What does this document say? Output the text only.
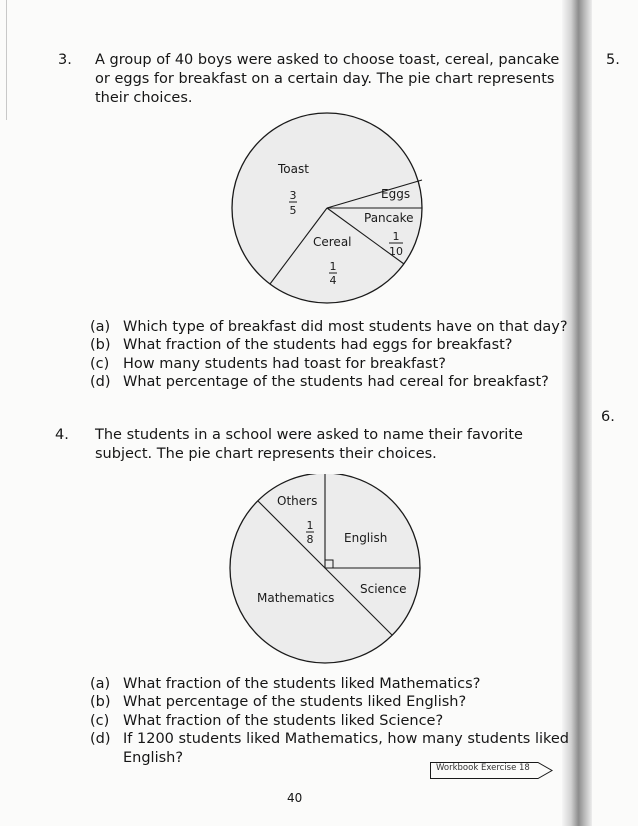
5.
6.
3. A group of 40 boys were asked to choose toast, cereal, pancake or eggs for breakfast on a certain day. The pie chart represents their choices.
Toast
3
5
Eggs
Pancake
1
10
Cereal
1
4
(a) Which type of breakfast did most students have on that day?
(b) What fraction of the students had eggs for breakfast?
(c) How many students had toast for breakfast?
(d) What percentage of the students had cereal for breakfast?
4. The students in a school were asked to name their favorite subject. The pie chart represents their choices.
Others
1
8	English
Science
Mathematics
(a) What fraction of the students liked Mathematics?
(b) What percentage of the students liked English?
(c) What fraction of the students liked Science?
(d) If 1200 students liked Mathematics, how many students liked
English?
Workbook Exercise 18
40
